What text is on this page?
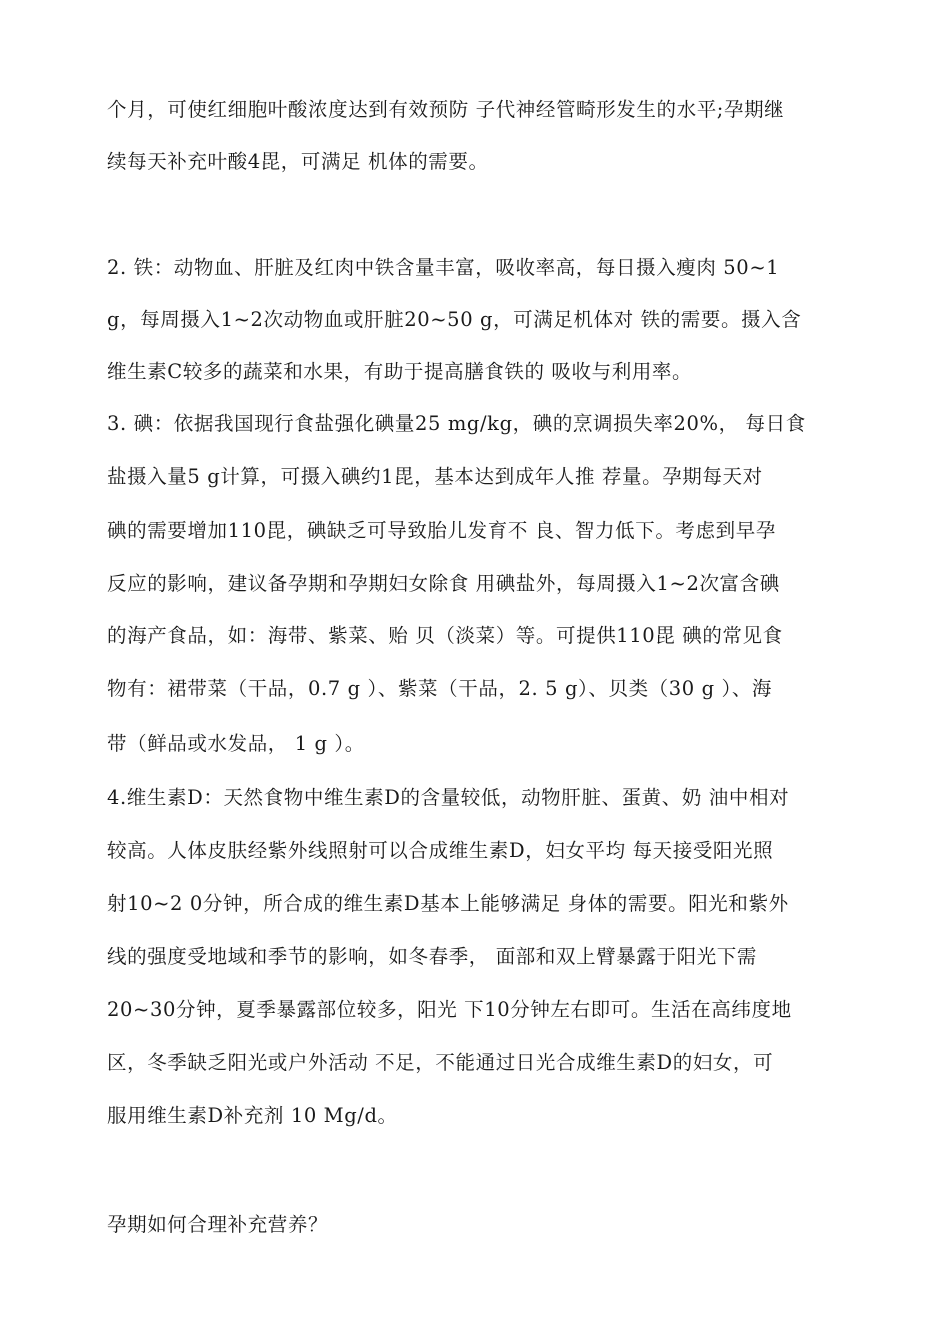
个月，可使红细胞叶酸浓度达到有效预防 子代神经管畸形发生的水平;孕期继
续每天补充叶酸4毘，可满足 机体的需要。
2. 铁：动物血、肝脏及红肉中铁含量丰富，吸收率高，每日摄入瘦肉 50~1
g，每周摄入1~2次动物血或肝脏20~50 g，可满足机体对 铁的需要。摄入含
维生素C较多的蔬菜和水果，有助于提高膳食铁的 吸收与利用率。
3. 碘：依据我国现行食盐强化碘量25 mg/kg，碘的烹调损失率20%， 每日食
盐摄入量5 g计算，可摄入碘约1毘，基本达到成年人推 荐量。孕期每天对
碘的需要增加110毘，碘缺乏可导致胎儿发育不 良、智力低下。考虑到早孕
反应的影响，建议备孕期和孕期妇女除食 用碘盐外，每周摄入1~2次富含碘
的海产食品，如：海带、紫菜、贻 贝（淡菜）等。可提供110毘 碘的常见食
物有：裙带菜（干品，0.7 g ）、紫菜（干品，2. 5 g）、贝类（30 g ）、海
带（鲜品或水发品， 1 g ）。
4.维生素D：天然食物中维生素D的含量较低，动物肝脏、蛋黄、奶 油中相对
较高。人体皮肤经紫外线照射可以合成维生素D，妇女平均 每天接受阳光照
射10~2 0分钟，所合成的维生素D基本上能够满足 身体的需要。阳光和紫外
线的强度受地域和季节的影响，如冬春季， 面部和双上臂暴露于阳光下需
20~30分钟，夏季暴露部位较多，阳光 下10分钟左右即可。生活在高纬度地
区，冬季缺乏阳光或户外活动 不足，不能通过日光合成维生素D的妇女，可
服用维生素D补充剂 10 Mg/d。
孕期如何合理补充营养？
